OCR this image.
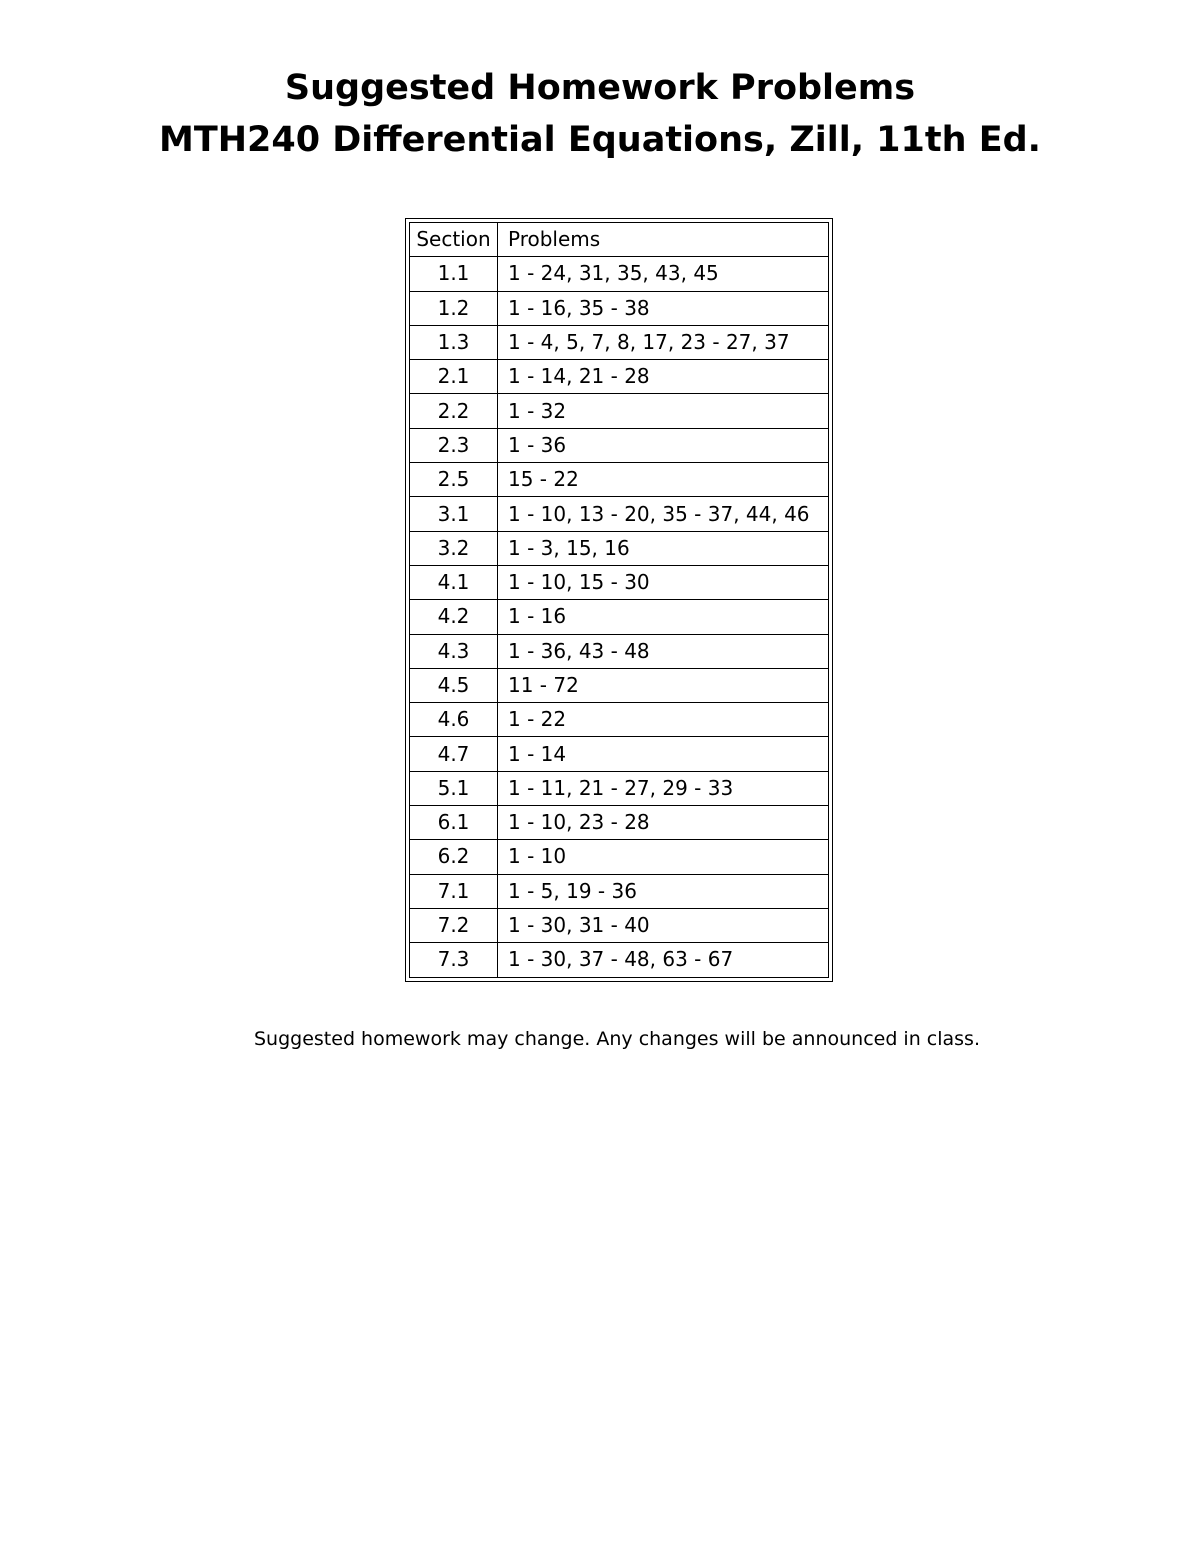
Suggested Homework Problems
MTH240 Differential Equations, Zill, 11th Ed.
Section	Problems
1.1	1 - 24, 31, 35, 43, 45
1.2	1 - 16, 35 - 38
1.3	1 - 4, 5, 7, 8, 17, 23 - 27, 37
2.1	1 - 14, 21 - 28
2.2	1 - 32
2.3	1 - 36
2.5	15 - 22
3.1	1 - 10, 13 - 20, 35 - 37, 44, 46
3.2	1 - 3, 15, 16
4.1	1 - 10, 15 - 30
4.2	1 - 16
4.3	1 - 36, 43 - 48
4.5	11 - 72
4.6	1 - 22
4.7	1 - 14
5.1	1 - 11, 21 - 27, 29 - 33
6.1	1 - 10, 23 - 28
6.2	1 - 10
7.1	1 - 5, 19 - 36
7.2	1 - 30, 31 - 40
7.3	1 - 30, 37 - 48, 63 - 67
Suggested homework may change. Any changes will be announced in class.
